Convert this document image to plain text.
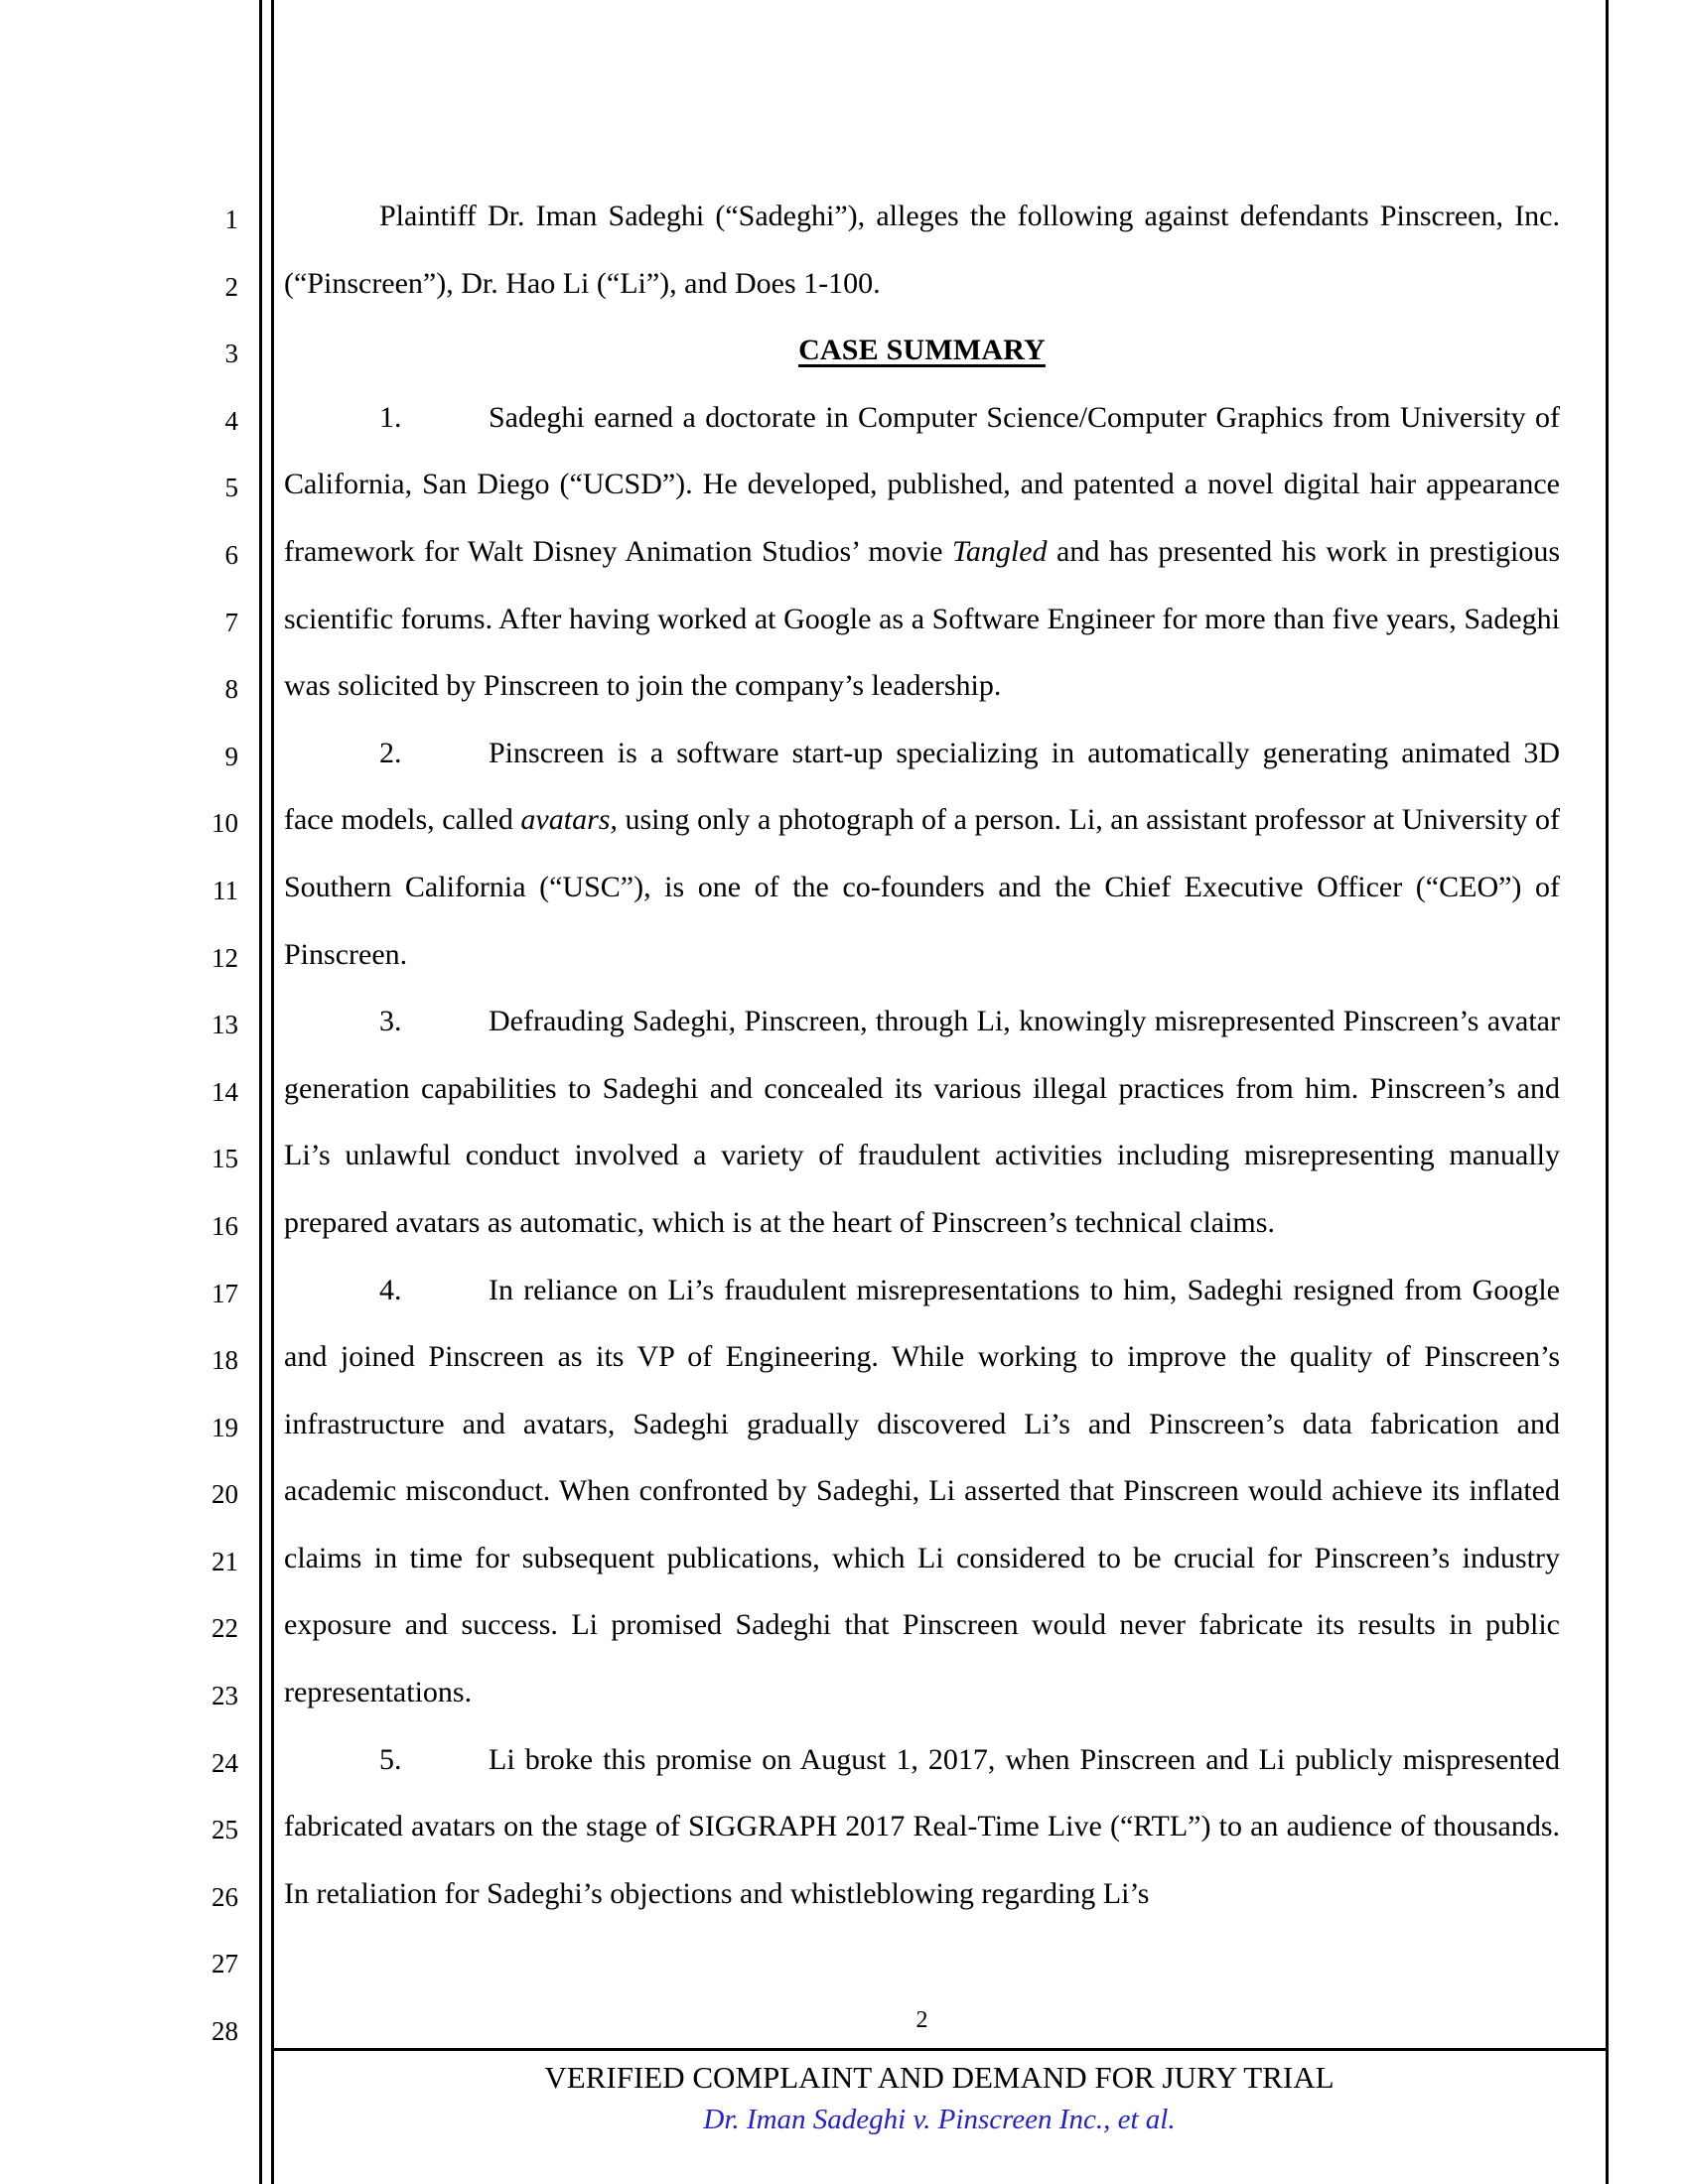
1
2
3
4
5
6
7
8
9
10
11
12
13
14
15
16
17
18
19
20
21
22
23
24
25
26
27
28

Plaintiff Dr. Iman Sadeghi (“Sadeghi”), alleges the following against defendants Pinscreen, Inc. (“Pinscreen”), Dr. Hao Li (“Li”), and Does 1-100.

CASE SUMMARY

1.	Sadeghi earned a doctorate in Computer Science/Computer Graphics from University of California, San Diego (“UCSD”). He developed, published, and patented a novel digital hair appearance framework for Walt Disney Animation Studios’ movie Tangled and has presented his work in prestigious scientific forums. After having worked at Google as a Software Engineer for more than five years, Sadeghi was solicited by Pinscreen to join the company’s leadership.

2.	Pinscreen is a software start-up specializing in automatically generating animated 3D face models, called avatars, using only a photograph of a person. Li, an assistant professor at University of Southern California (“USC”), is one of the co-founders and the Chief Executive Officer (“CEO”) of Pinscreen.

3.	Defrauding Sadeghi, Pinscreen, through Li, knowingly misrepresented Pinscreen’s avatar generation capabilities to Sadeghi and concealed its various illegal practices from him. Pinscreen’s and Li’s unlawful conduct involved a variety of fraudulent activities including misrepresenting manually prepared avatars as automatic, which is at the heart of Pinscreen’s technical claims.

4.	In reliance on Li’s fraudulent misrepresentations to him, Sadeghi resigned from Google and joined Pinscreen as its VP of Engineering. While working to improve the quality of Pinscreen’s infrastructure and avatars, Sadeghi gradually discovered Li’s and Pinscreen’s data fabrication and academic misconduct. When confronted by Sadeghi, Li asserted that Pinscreen would achieve its inflated claims in time for subsequent publications, which Li considered to be crucial for Pinscreen’s industry exposure and success. Li promised Sadeghi that Pinscreen would never fabricate its results in public representations.

5.	Li broke this promise on August 1, 2017, when Pinscreen and Li publicly mispresented fabricated avatars on the stage of SIGGRAPH 2017 Real-Time Live (“RTL”) to an audience of thousands. In retaliation for Sadeghi’s objections and whistleblowing regarding Li’s

2
VERIFIED COMPLAINT AND DEMAND FOR JURY TRIAL
Dr. Iman Sadeghi v. Pinscreen Inc., et al.
